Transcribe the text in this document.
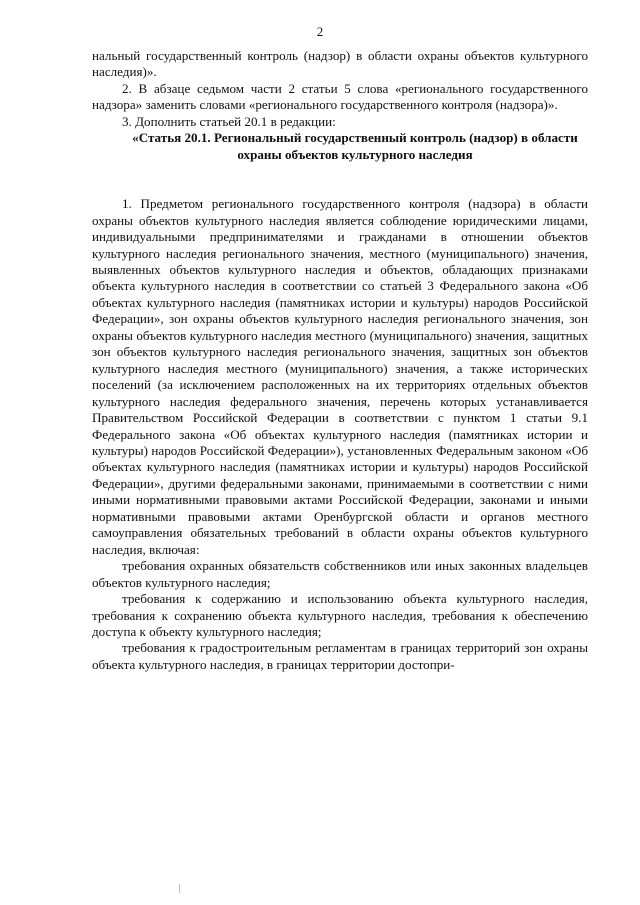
2

нальный государственный контроль (надзор) в области охраны объектов культурного наследия)».

2. В абзаце седьмом части 2 статьи 5 слова «регионального государственного надзора» заменить словами «регионального государственного контроля (надзора)».

3. Дополнить статьей 20.1 в редакции:

«Статья 20.1. Региональный государственный контроль (надзор) в области охраны объектов культурного наследия

1. Предметом регионального государственного контроля (надзора) в области охраны объектов культурного наследия является соблюдение юридическими лицами, индивидуальными предпринимателями и гражданами в отношении объектов культурного наследия регионального значения, местного (муниципального) значения, выявленных объектов культурного наследия и объектов, обладающих признаками объекта культурного наследия в соответствии со статьей 3 Федерального закона «Об объектах культурного наследия (памятниках истории и культуры) народов Российской Федерации», зон охраны объектов культурного наследия регионального значения, зон охраны объектов культурного наследия местного (муниципального) значения, защитных зон объектов культурного наследия регионального значения, защитных зон объектов культурного наследия местного (муниципального) значения, а также исторических поселений (за исключением расположенных на их территориях отдельных объектов культурного наследия федерального значения, перечень которых устанавливается Правительством Российской Федерации в соответствии с пунктом 1 статьи 9.1 Федерального закона «Об объектах культурного наследия (памятниках истории и культуры) народов Российской Федерации»), установленных Федеральным законом «Об объектах культурного наследия (памятниках истории и культуры) народов Российской Федерации», другими федеральными законами, принимаемыми в соответствии с ними иными нормативными правовыми актами Российской Федерации, законами и иными нормативными правовыми актами Оренбургской области и органов местного самоуправления обязательных требований в области охраны объектов культурного наследия, включая:

требования охранных обязательств собственников или иных законных владельцев объектов культурного наследия;

требования к содержанию и использованию объекта культурного наследия, требования к сохранению объекта культурного наследия, требования к обеспечению доступа к объекту культурного наследия;

требования к градостроительным регламентам в границах территорий зон охраны объекта культурного наследия, в границах территории достопри-
